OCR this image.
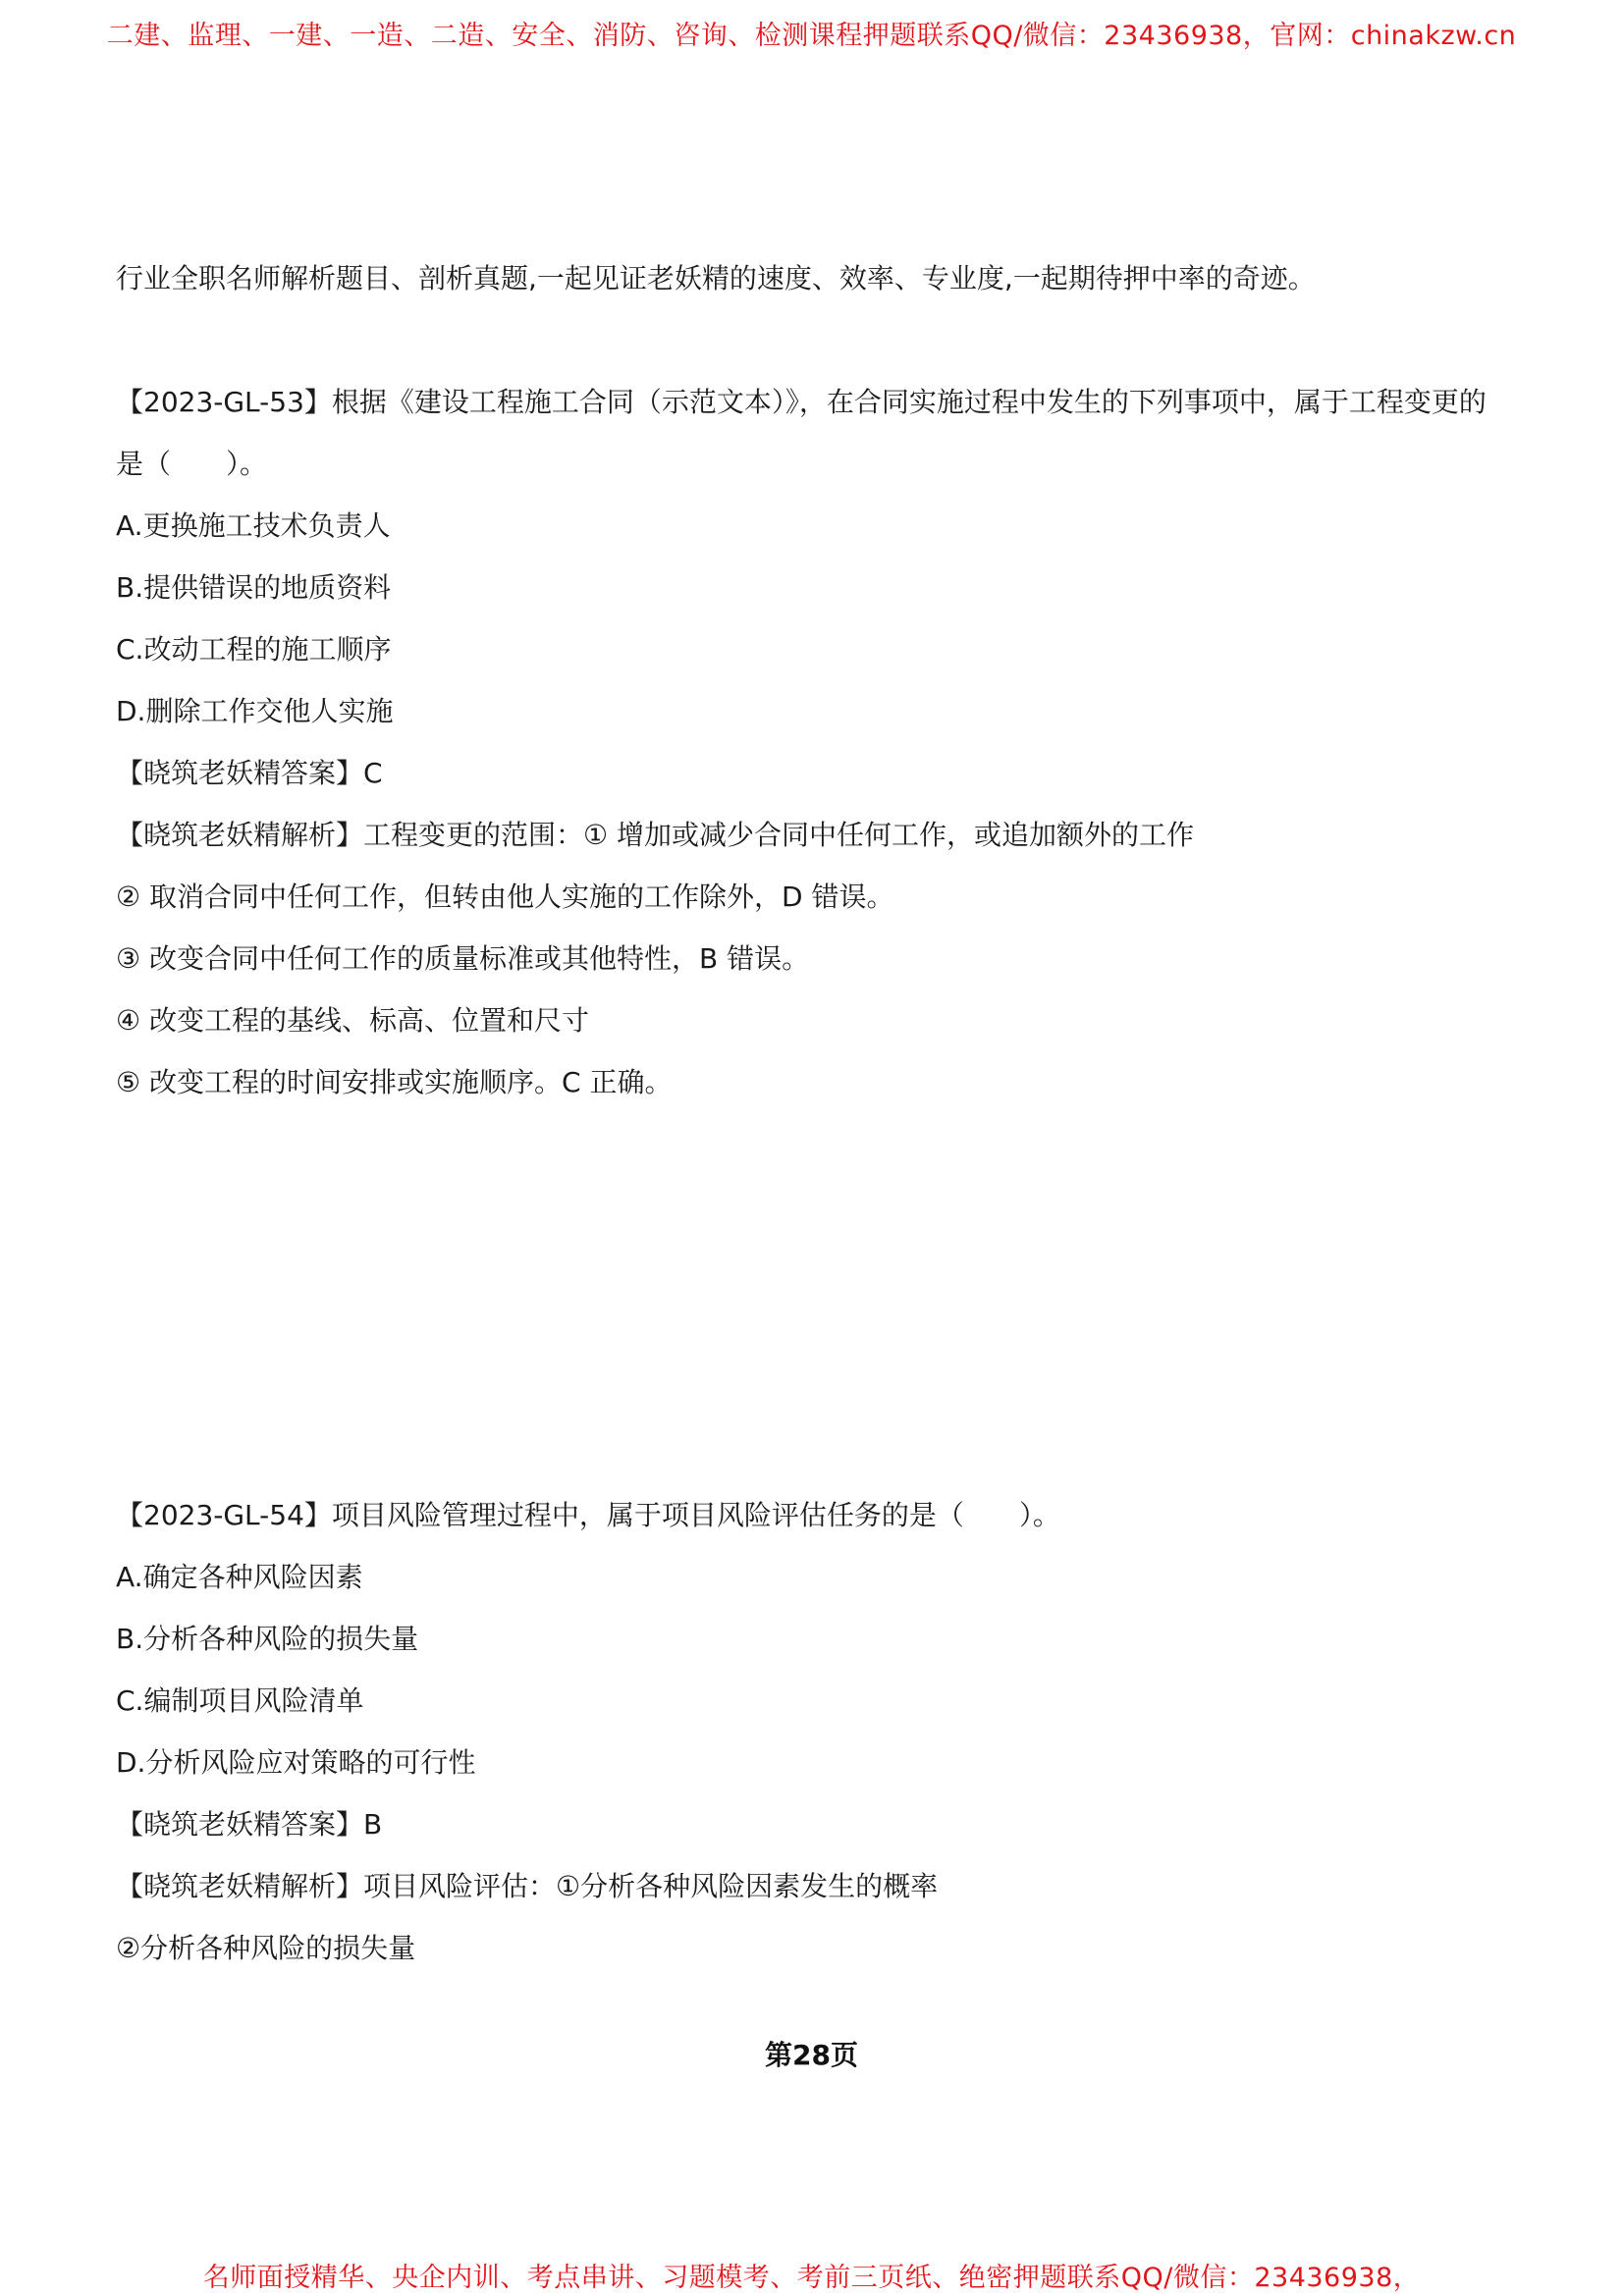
二建、监理、一建、一造、二造、安全、消防、咨询、检测课程押题联系QQ/微信：23436938，官网：chinakzw.cn
行业全职名师解析题目、剖析真题,一起见证老妖精的速度、效率、专业度,一起期待押中率的奇迹。
【2023-GL-53】根据《建设工程施工合同（示范文本）》，在合同实施过程中发生的下列事项中，属于工程变更的是（　　）。
A.更换施工技术负责人
B.提供错误的地质资料
C.改动工程的施工顺序
D.删除工作交他人实施
【晓筑老妖精答案】C
【晓筑老妖精解析】工程变更的范围：① 增加或减少合同中任何工作，或追加额外的工作
② 取消合同中任何工作，但转由他人实施的工作除外，D 错误。
③ 改变合同中任何工作的质量标准或其他特性，B 错误。
④ 改变工程的基线、标高、位置和尺寸
⑤ 改变工程的时间安排或实施顺序。C 正确。
【2023-GL-54】项目风险管理过程中，属于项目风险评估任务的是（　　）。
A.确定各种风险因素
B.分析各种风险的损失量
C.编制项目风险清单
D.分析风险应对策略的可行性
【晓筑老妖精答案】B
【晓筑老妖精解析】项目风险评估：①分析各种风险因素发生的概率
②分析各种风险的损失量
第28页
名师面授精华、央企内训、考点串讲、习题模考、考前三页纸、绝密押题联系QQ/微信：23436938，
